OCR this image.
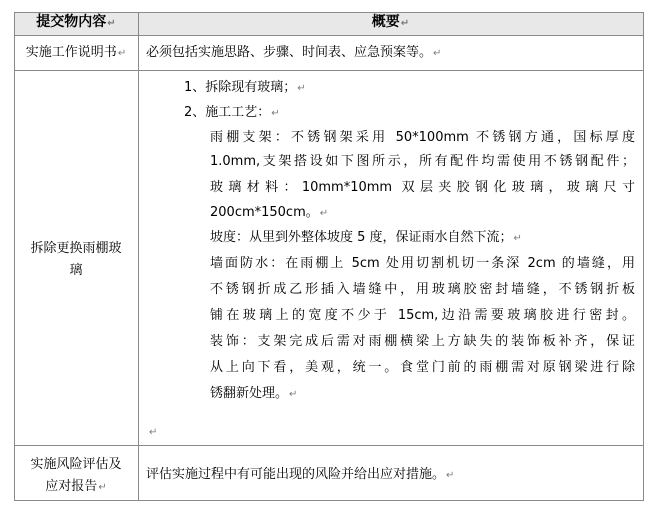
提交物内容↵	概要↵
实施工作说明书↵	必须包括实施思路、步骤、时间表、应急预案等。↵
拆除更换雨棚玻
璃
1、拆除现有玻璃；↵
2、施工工艺：↵
雨棚支架：不锈钢架采用 50*100mm 不锈钢方通，国标厚度
1.0mm,支架搭设如下图所示，所有配件均需使用不锈钢配件；
玻璃材料：10mm*10mm 双层夹胶钢化玻璃，玻璃尺寸
200cm*150cm。↵
坡度：从里到外整体坡度 5 度，保证雨水自然下流；↵
墙面防水：在雨棚上 5cm 处用切割机切一条深 2cm 的墙缝，用
不锈钢折成乙形插入墙缝中，用玻璃胶密封墙缝，不锈钢折板
铺在玻璃上的宽度不少于 15cm,边沿需要玻璃胶进行密封。
装饰：支架完成后需对雨棚横梁上方缺失的装饰板补齐，保证
从上向下看，美观，统一。食堂门前的雨棚需对原钢梁进行除
锈翻新处理。↵
↵
实施风险评估及
应对报告↵
评估实施过程中有可能出现的风险并给出应对措施。↵
